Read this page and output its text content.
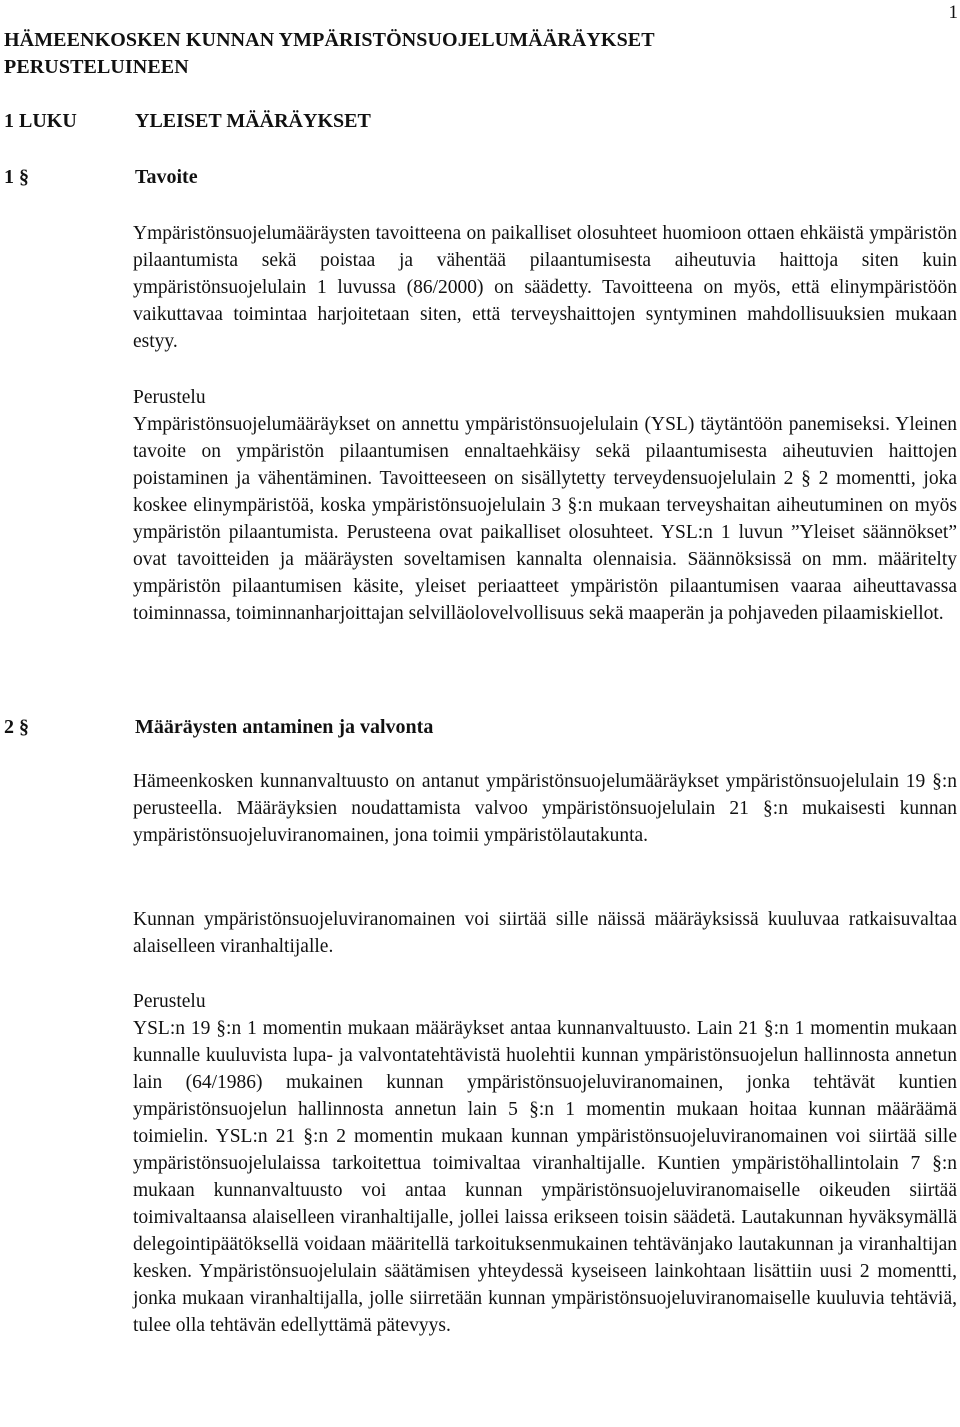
1
HÄMEENKOSKEN KUNNAN YMPÄRISTÖNSUOJELUMÄÄRÄYKSET
PERUSTELUINEEN
1 LUKU	YLEISET MÄÄRÄYKSET
1 §	Tavoite

Ympäristönsuojelumääräysten tavoitteena on paikalliset olosuhteet huomioon ottaen ehkäistä ympäristön pilaantumista sekä poistaa ja vähentää pilaantumisesta aiheutuvia haittoja siten kuin ympäristönsuojelulain 1 luvussa (86/2000) on säädetty. Tavoitteena on myös, että elinympäristöön vaikuttavaa toimintaa harjoitetaan siten, että terveyshaittojen syntyminen mahdollisuuksien mukaan estyy.

Perustelu

Ympäristönsuojelumääräykset on annettu ympäristönsuojelulain (YSL) täytäntöön panemiseksi. Yleinen tavoite on ympäristön pilaantumisen ennaltaehkäisy sekä pilaantumisesta aiheutuvien haittojen poistaminen ja vähentäminen. Tavoitteeseen on sisällytetty terveydensuojelulain 2 § 2 momentti, joka koskee elinympäristöä, koska ympäristönsuojelulain 3 §:n mukaan terveyshaitan aiheutuminen on myös ympäristön pilaantumista. Perusteena ovat paikalliset olosuhteet. YSL:n 1 luvun ”Yleiset säännökset” ovat tavoitteiden ja määräysten soveltamisen kannalta olennaisia. Säännöksissä on mm. määritelty ympäristön pilaantumisen käsite, yleiset periaatteet ympäristön pilaantumisen vaaraa aiheuttavassa toiminnassa, toiminnanharjoittajan selvilläolovelvollisuus sekä maaperän ja pohjaveden pilaamiskiellot.

2 §	Määräysten antaminen ja valvonta

Hämeenkosken kunnanvaltuusto on antanut ympäristönsuojelumääräykset ympäristönsuojelulain 19 §:n perusteella. Määräyksien noudattamista valvoo ympäristönsuojelulain 21 §:n mukaisesti kunnan ympäristönsuojeluviranomainen, jona toimii ympäristölautakunta.

Kunnan ympäristönsuojeluviranomainen voi siirtää sille näissä määräyksissä kuuluvaa ratkaisuvaltaa alaiselleen viranhaltijalle.

Perustelu

YSL:n 19 §:n 1 momentin mukaan määräykset antaa kunnanvaltuusto. Lain 21 §:n 1 momentin mukaan kunnalle kuuluvista lupa- ja valvontatehtävistä huolehtii kunnan ympäristönsuojelun hallinnosta annetun lain (64/1986) mukainen kunnan ympäristönsuojeluviranomainen, jonka tehtävät kuntien ympäristönsuojelun hallinnosta annetun lain 5 §:n 1 momentin mukaan hoitaa kunnan määräämä toimielin. YSL:n 21 §:n 2 momentin mukaan kunnan ympäristönsuojeluviranomainen voi siirtää sille ympäristönsuojelulaissa tarkoitettua toimivaltaa viranhaltijalle. Kuntien ympäristöhallintolain 7 §:n mukaan kunnanvaltuusto voi antaa kunnan ympäristönsuojeluviranomaiselle oikeuden siirtää toimivaltaansa alaiselleen viranhaltijalle, jollei laissa erikseen toisin säädetä. Lautakunnan hyväksymällä delegointipäätöksellä voidaan määritellä tarkoituksenmukainen tehtävänjako lautakunnan ja viranhaltijan kesken. Ympäristönsuojelulain säätämisen yhteydessä kyseiseen lainkohtaan lisättiin uusi 2 momentti, jonka mukaan viranhaltijalla, jolle siirretään kunnan ympäristönsuojeluviranomaiselle kuuluvia tehtäviä, tulee olla tehtävän edellyttämä pätevyys.
